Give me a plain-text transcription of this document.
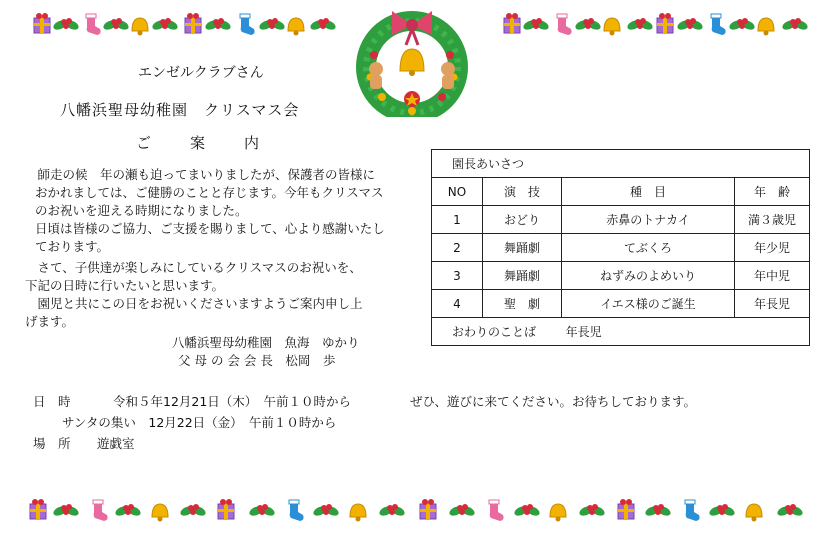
エンゼルクラブさん
八幡浜聖母幼稚園　クリスマス会
ご	案	内
　師走の候　年の瀬も迫ってまいりましたが、保護者の皆様に
おかれましては、ご健勝のことと存じます。今年もクリスマス
のお祝いを迎える時期になりました。
日頃は皆様のご協力、ご支援を賜りまして、心より感謝いたし
ております。
　さて、子供達が楽しみにしているクリスマスのお祝いを、
下記の日時に行いたいと思います。
　園児と共にこの日をお祝いくださいますようご案内申し上
げます。
八幡浜聖母幼稚園　魚海　ゆかり
父 母 の 会 会 長　松岡　歩
園長あいさつ			
NO	演　技	種　目	年　齢
1	おどり	赤鼻のトナカイ	満３歳児
2	舞踊劇	てぶくろ	年少児
3	舞踊劇	ねずみのよめいり	年中児
4	聖　劇	イエス様のご誕生	年長児
おわりのことば 年長児			
日　時	令和５年12月21日（木）　午前１０時から	ぜひ、遊びに来てください。お待ちしております。
サンタの集い　12月22日（金）　午前１０時から
場　所 遊戯室
